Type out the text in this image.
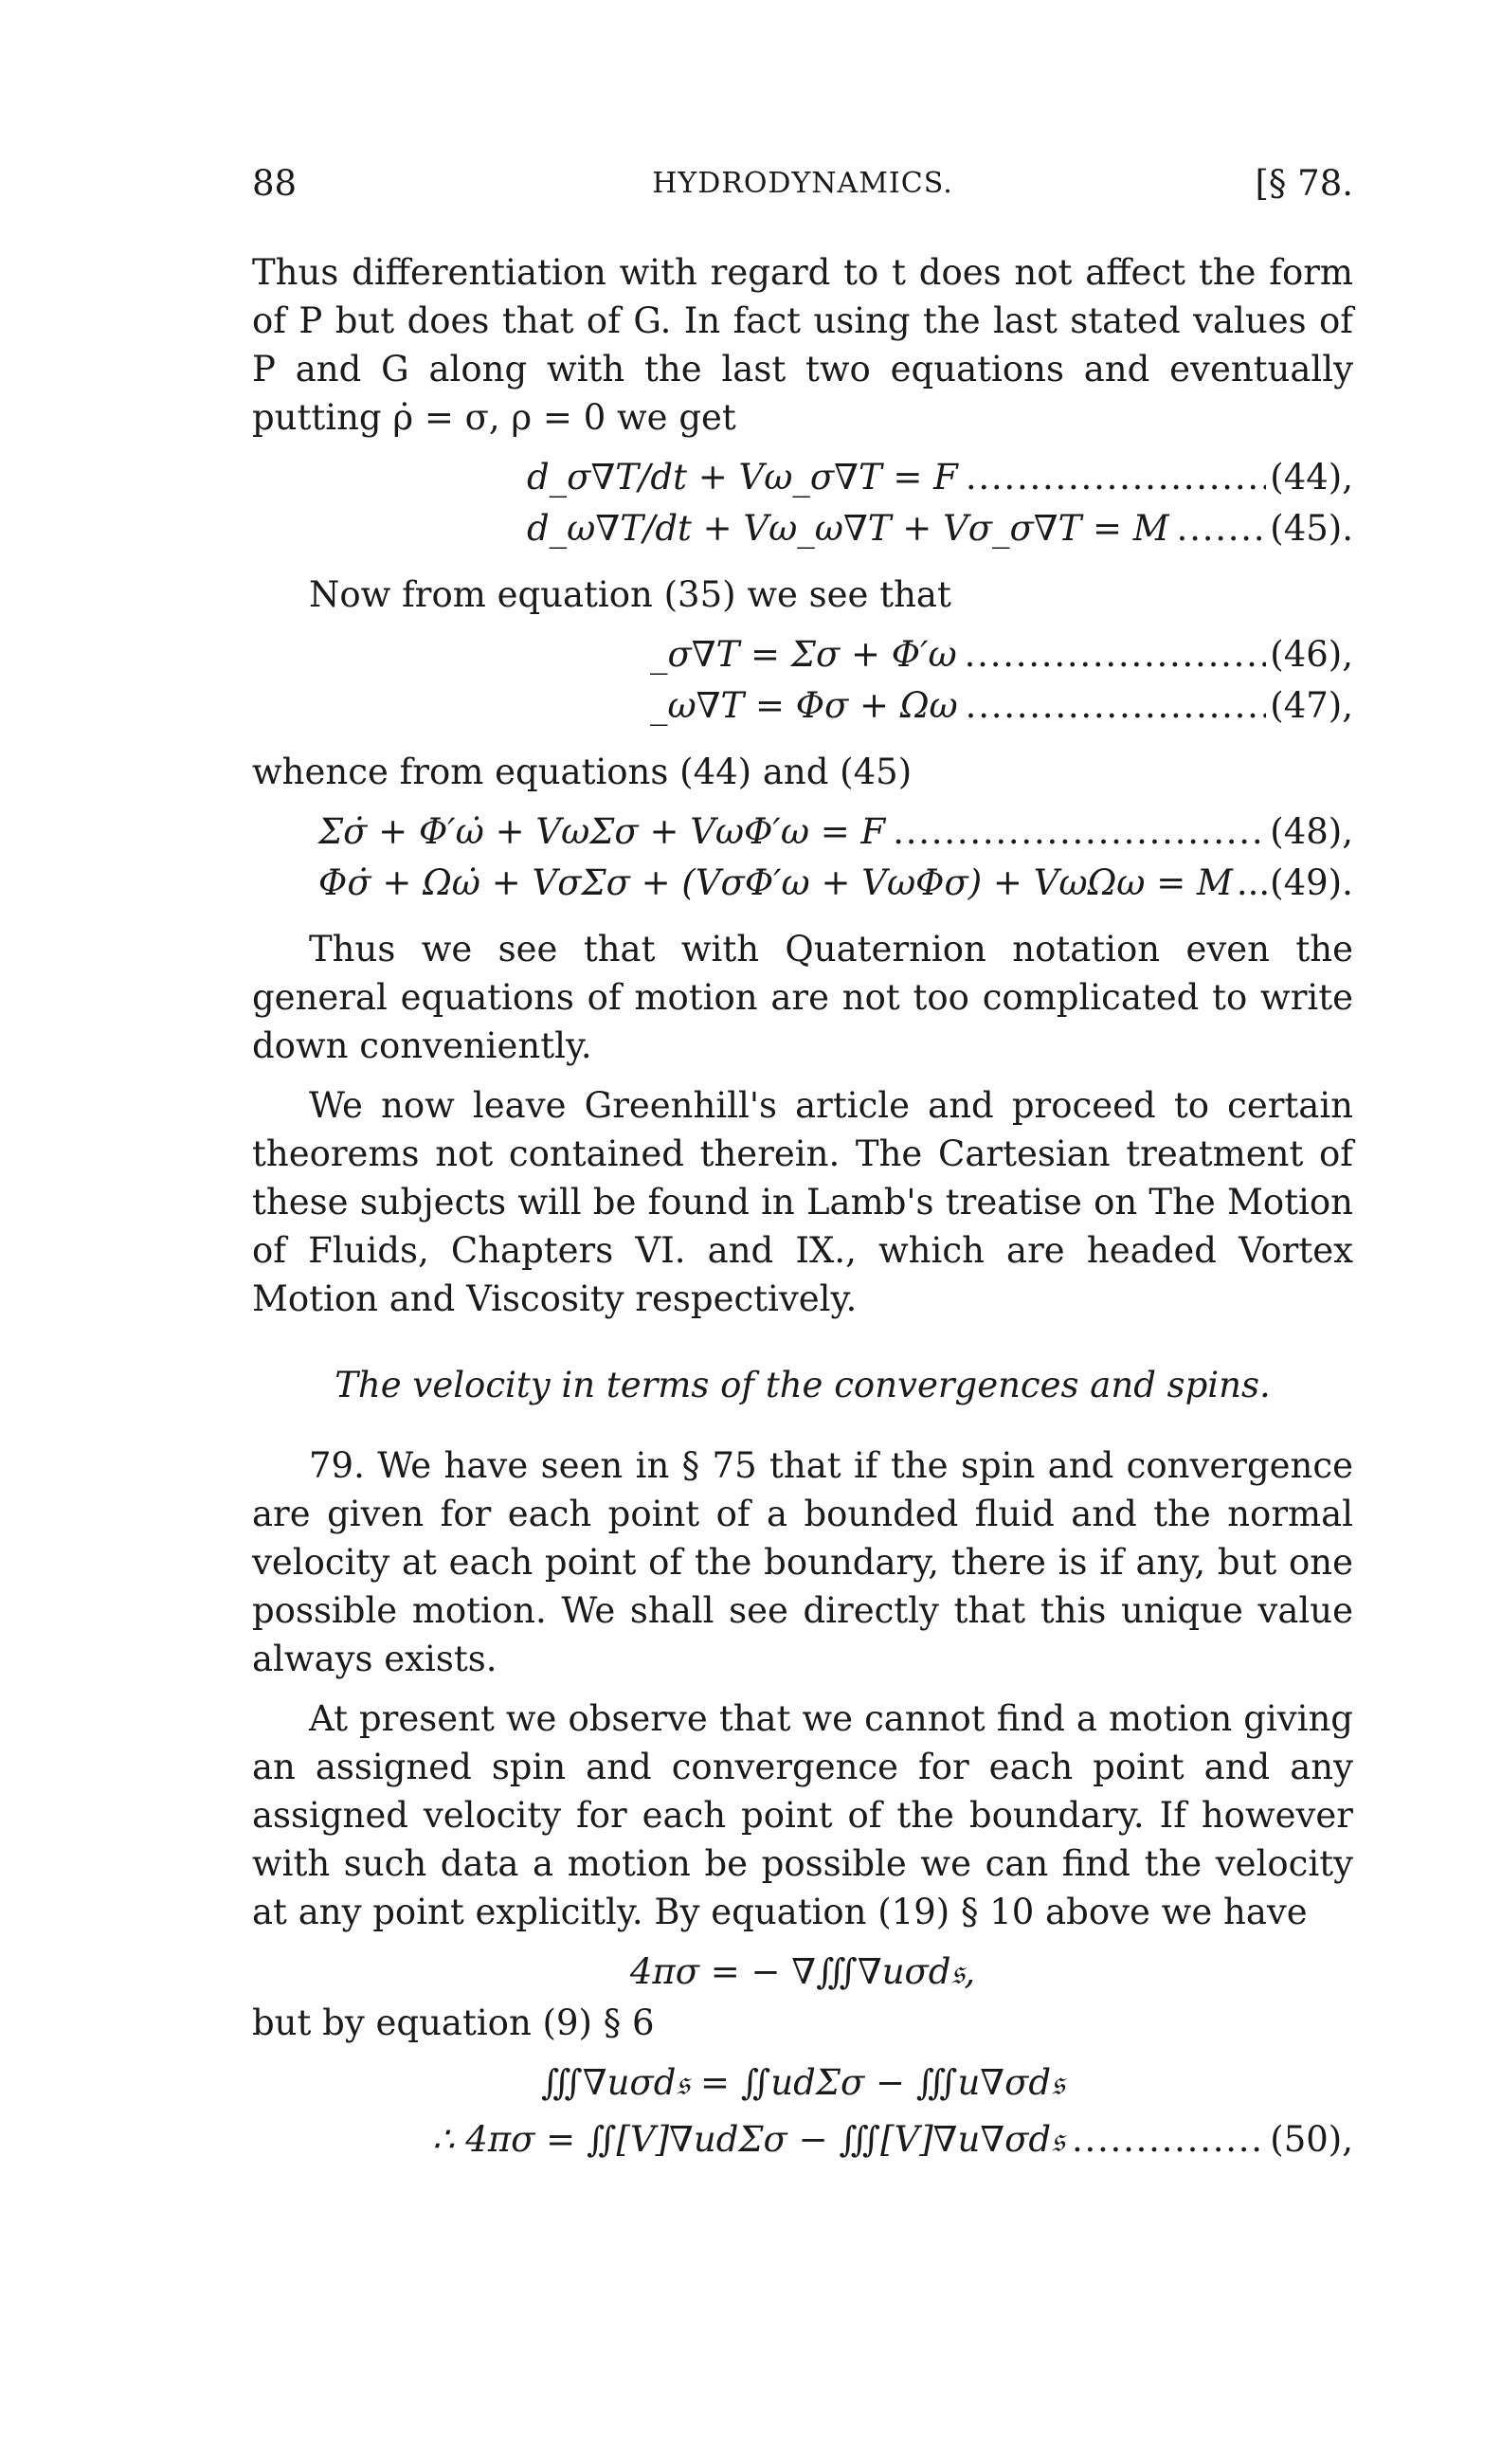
88	HYDRODYNAMICS.	[§ 78.

Thus differentiation with regard to t does not affect the form of P but does that of G. In fact using the last stated values of P and G along with the last two equations and eventually putting ρ̇ = σ, ρ = 0 we get

d_σ∇T/dt + Vω_σ∇T = F . . .	(44),
d_ω∇T/dt + Vω_ω∇T + Vσ_σ∇T = M . . .	(45).

Now from equation (35) we see that

_σ∇T = Σσ + Φ′ω . . .	(46),
_ω∇T = Φσ + Ωω . . .	(47),

whence from equations (44) and (45)

Σσ̇ + Φ′ω̇ + VωΣσ + VωΦ′ω = F . . .	(48),
Φσ̇ + Ωω̇ + VσΣσ + (VσΦ′ω + VωΦσ) + VωΩω = M ...(49).

Thus we see that with Quaternion notation even the general equations of motion are not too complicated to write down conveniently.

We now leave Greenhill's article and proceed to certain theorems not contained therein. The Cartesian treatment of these subjects will be found in Lamb's treatise on The Motion of Fluids, Chapters VI. and IX., which are headed Vortex Motion and Viscosity respectively.

The velocity in terms of the convergences and spins.

79. We have seen in § 75 that if the spin and convergence are given for each point of a bounded fluid and the normal velocity at each point of the boundary, there is if any, but one possible motion. We shall see directly that this unique value always exists.

At present we observe that we cannot find a motion giving an assigned spin and convergence for each point and any assigned velocity for each point of the boundary. If however with such data a motion be possible we can find the velocity at any point explicitly. By equation (19) § 10 above we have

4πσ = − ∇∭∇uσd𝔰,

but by equation (9) § 6

∭∇uσd𝔰 = ∬udΣσ − ∭u∇σd𝔰
∴ 4πσ = ∬[V]∇udΣσ − ∭[V]∇u∇σd𝔰 . . .	(50),
